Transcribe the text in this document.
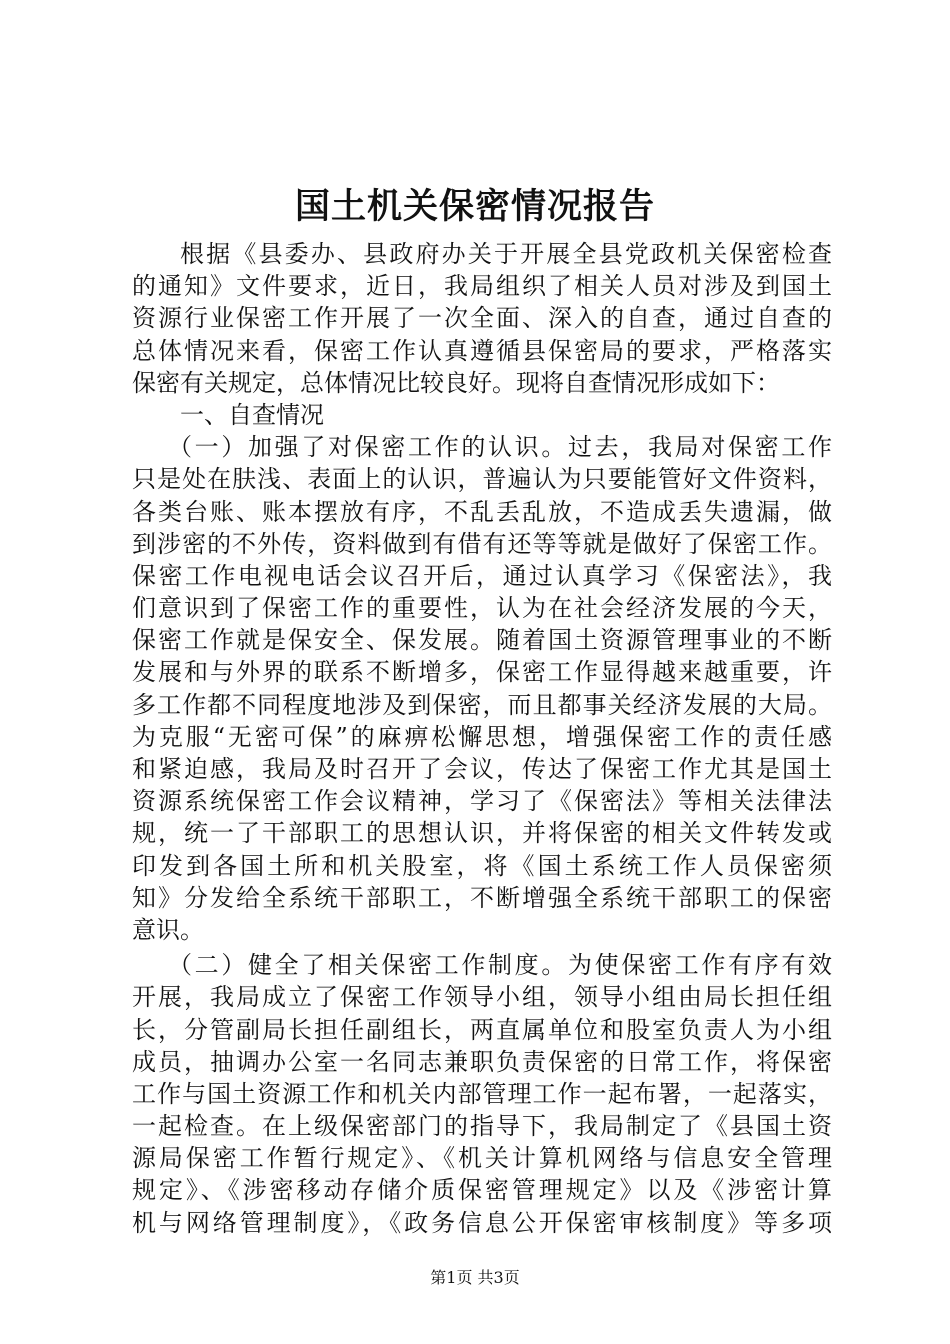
国土机关保密情况报告
根据《县委办、县政府办关于开展全县党政机关保密检查
的通知》文件要求，近日，我局组织了相关人员对涉及到国土
资源行业保密工作开展了一次全面、深入的自查，通过自查的
总体情况来看，保密工作认真遵循县保密局的要求，严格落实
保密有关规定，总体情况比较良好。现将自查情况形成如下：
一、自查情况
（一）加强了对保密工作的认识。过去，我局对保密工作
只是处在肤浅、表面上的认识，普遍认为只要能管好文件资料，
各类台账、账本摆放有序，不乱丢乱放，不造成丢失遗漏，做
到涉密的不外传，资料做到有借有还等等就是做好了保密工作。
保密工作电视电话会议召开后，通过认真学习《保密法》，我
们意识到了保密工作的重要性，认为在社会经济发展的今天，
保密工作就是保安全、保发展。随着国土资源管理事业的不断
发展和与外界的联系不断增多，保密工作显得越来越重要，许
多工作都不同程度地涉及到保密，而且都事关经济发展的大局。
为克服“无密可保”的麻痹松懈思想，增强保密工作的责任感
和紧迫感，我局及时召开了会议，传达了保密工作尤其是国土
资源系统保密工作会议精神，学习了《保密法》等相关法律法
规，统一了干部职工的思想认识，并将保密的相关文件转发或
印发到各国土所和机关股室，将《国土系统工作人员保密须
知》分发给全系统干部职工，不断增强全系统干部职工的保密
意识。
（二）健全了相关保密工作制度。为使保密工作有序有效
开展，我局成立了保密工作领导小组，领导小组由局长担任组
长，分管副局长担任副组长，两直属单位和股室负责人为小组
成员，抽调办公室一名同志兼职负责保密的日常工作，将保密
工作与国土资源工作和机关内部管理工作一起布署，一起落实，
一起检查。在上级保密部门的指导下，我局制定了《县国土资
源局保密工作暂行规定》、《机关计算机网络与信息安全管理
规定》、《涉密移动存储介质保密管理规定》以及《涉密计算
机与网络管理制度》，《政务信息公开保密审核制度》等多项
第1页 共3页
